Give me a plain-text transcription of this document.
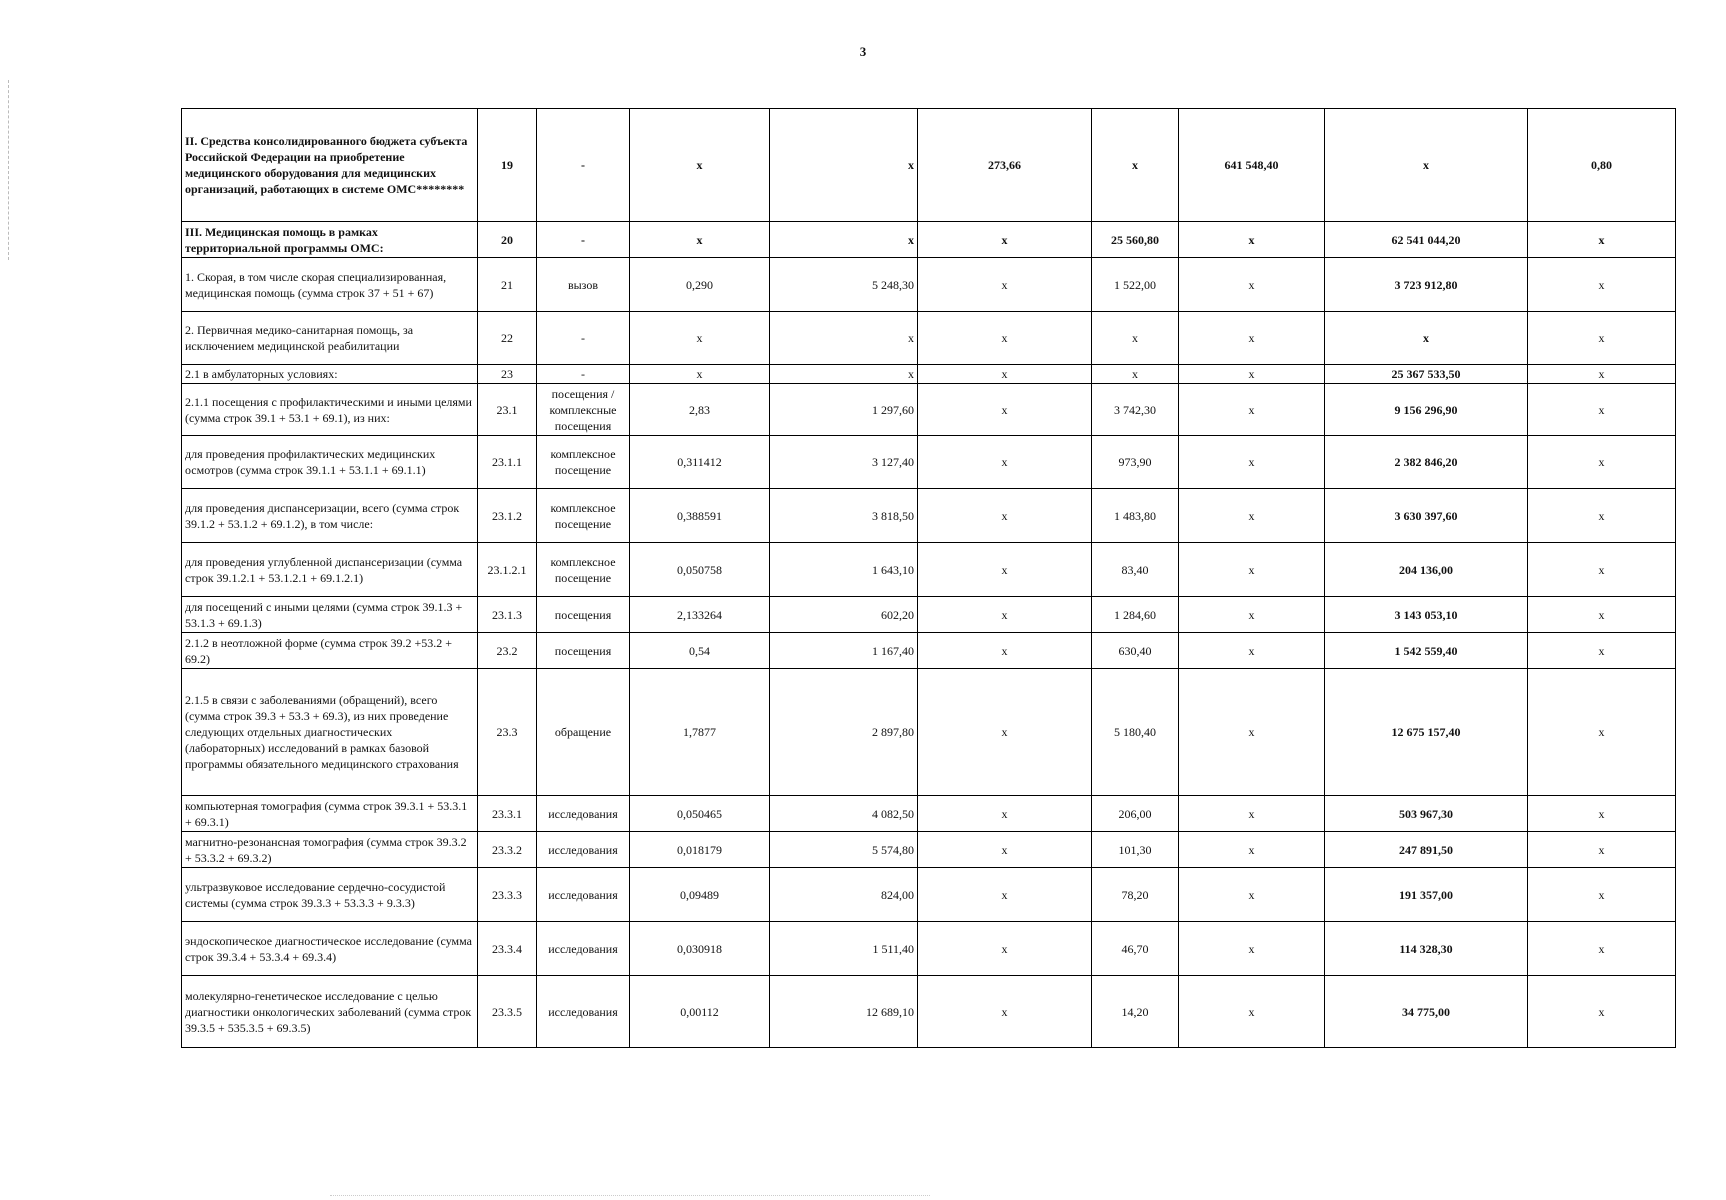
3
II. Средства консолидированного бюджета субъекта Российской Федерации на приобретение медицинского оборудования для медицинских организаций, работающих в системе ОМС********	19	-	х	х	273,66	х	641 548,40	х	0,80
III. Медицинская помощь в рамках территориальной программы ОМС:	20	-	х	х	х	25 560,80	х	62 541 044,20	х
1. Скорая, в том числе скорая специализированная, медицинская помощь (сумма строк 37 + 51 + 67)	21	вызов	0,290	5 248,30	х	1 522,00	х	3 723 912,80	х
2. Первичная медико-санитарная помощь, за исключением медицинской реабилитации	22	-	х	х	х	х	х	х	х
2.1 в амбулаторных условиях:	23	-	х	х	х	х	х	25 367 533,50	х
2.1.1 посещения с профилактическими и иными целями (сумма строк 39.1 + 53.1 + 69.1), из них:	23.1	посещения / комплексные посещения	2,83	1 297,60	х	3 742,30	х	9 156 296,90	х
для проведения профилактических медицинских осмотров (сумма строк 39.1.1 + 53.1.1 + 69.1.1)	23.1.1	комплексное посещение	0,311412	3 127,40	х	973,90	х	2 382 846,20	х
для проведения диспансеризации, всего (сумма строк 39.1.2 + 53.1.2 + 69.1.2), в том числе:	23.1.2	комплексное посещение	0,388591	3 818,50	х	1 483,80	х	3 630 397,60	х
для проведения углубленной диспансеризации (сумма строк 39.1.2.1 + 53.1.2.1 + 69.1.2.1)	23.1.2.1	комплексное посещение	0,050758	1 643,10	х	83,40	х	204 136,00	х
для посещений с иными целями (сумма строк 39.1.3 + 53.1.3 + 69.1.3)	23.1.3	посещения	2,133264	602,20	х	1 284,60	х	3 143 053,10	х
2.1.2 в неотложной форме (сумма строк 39.2 +53.2 + 69.2)	23.2	посещения	0,54	1 167,40	х	630,40	х	1 542 559,40	х
2.1.5 в связи с заболеваниями (обращений), всего (сумма строк 39.3 + 53.3 + 69.3), из них проведение следующих отдельных диагностических (лабораторных) исследований в рамках базовой программы обязательного медицинского страхования	23.3	обращение	1,7877	2 897,80	х	5 180,40	х	12 675 157,40	х
компьютерная томография (сумма строк 39.3.1 + 53.3.1 + 69.3.1)	23.3.1	исследования	0,050465	4 082,50	х	206,00	х	503 967,30	х
магнитно-резонансная томография (сумма строк 39.3.2 + 53.3.2 + 69.3.2)	23.3.2	исследования	0,018179	5 574,80	х	101,30	х	247 891,50	х
ультразвуковое исследование сердечно-сосудистой системы (сумма строк 39.3.3 + 53.3.3 + 9.3.3)	23.3.3	исследования	0,09489	824,00	х	78,20	х	191 357,00	х
эндоскопическое диагностическое исследование (сумма строк 39.3.4 + 53.3.4 + 69.3.4)	23.3.4	исследования	0,030918	1 511,40	х	46,70	х	114 328,30	х
молекулярно-генетическое исследование с целью диагностики онкологических заболеваний (сумма строк 39.3.5 + 535.3.5 + 69.3.5)	23.3.5	исследования	0,00112	12 689,10	х	14,20	х	34 775,00	х
